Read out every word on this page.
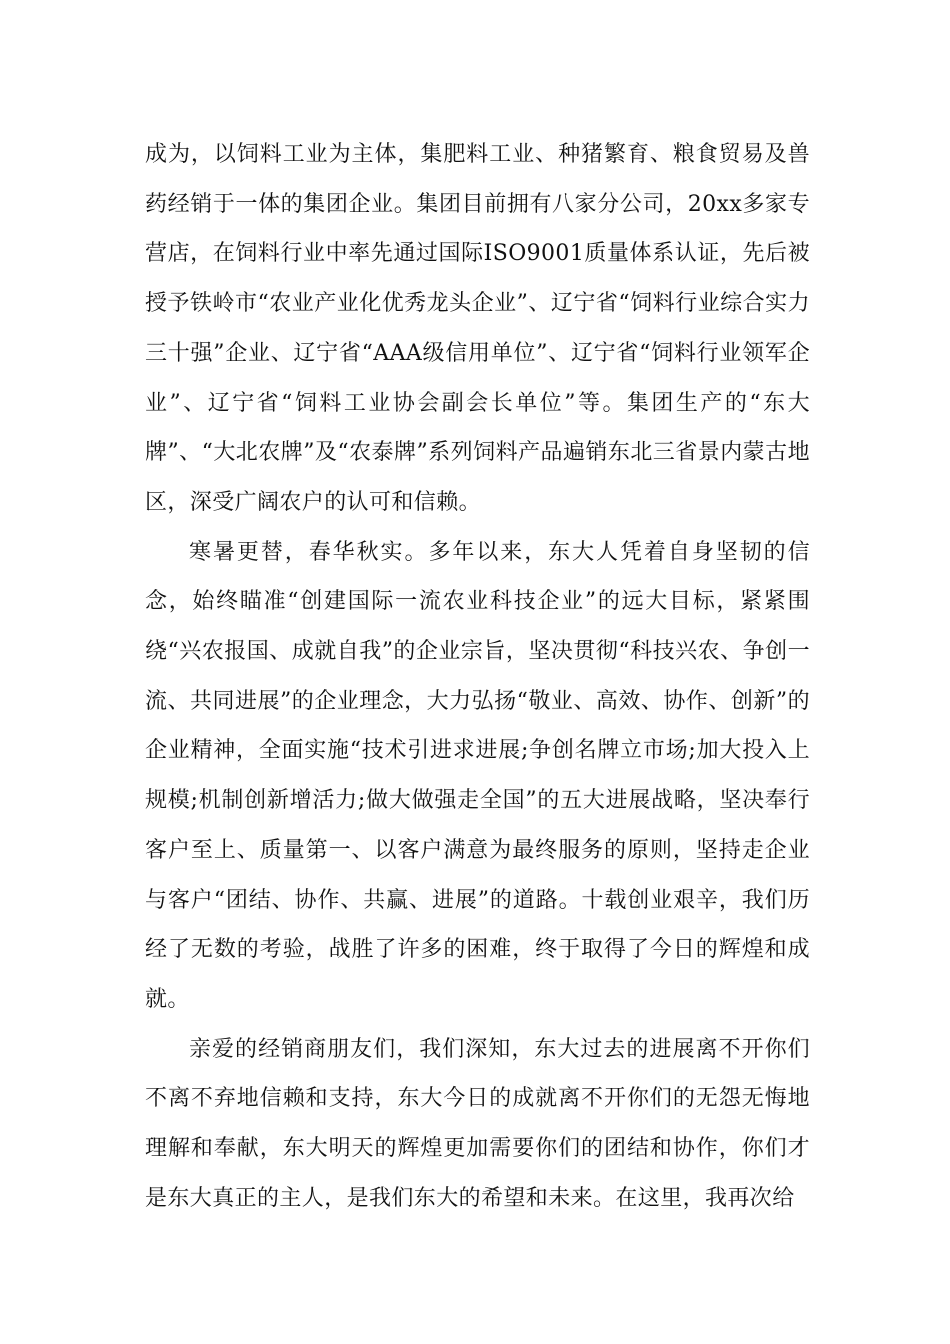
成为，以饲料工业为主体，集肥料工业、种猪繁育、粮食贸易及兽药经销于一体的集团企业。集团目前拥有八家分公司，20xx多家专营店，在饲料行业中率先通过国际ISO9001质量体系认证，先后被授予铁岭市“农业产业化优秀龙头企业”、辽宁省“饲料行业综合实力三十强”企业、辽宁省“AAA级信用单位”、辽宁省“饲料行业领军企业”、辽宁省“饲料工业协会副会长单位”等。集团生产的“东大牌”、“大北农牌”及“农泰牌”系列饲料产品遍销东北三省景内蒙古地区，深受广阔农户的认可和信赖。

寒暑更替，春华秋实。多年以来，东大人凭着自身坚韧的信念，始终瞄准“创建国际一流农业科技企业”的远大目标，紧紧围绕“兴农报国、成就自我”的企业宗旨，坚决贯彻“科技兴农、争创一流、共同进展”的企业理念，大力弘扬“敬业、高效、协作、创新”的企业精神，全面实施“技术引进求进展;争创名牌立市场;加大投入上规模;机制创新增活力;做大做强走全国”的五大进展战略，坚决奉行客户至上、质量第一、以客户满意为最终服务的原则，坚持走企业与客户“团结、协作、共赢、进展”的道路。十载创业艰辛，我们历经了无数的考验，战胜了许多的困难，终于取得了今日的辉煌和成就。

亲爱的经销商朋友们，我们深知，东大过去的进展离不开你们不离不弃地信赖和支持，东大今日的成就离不开你们的无怨无悔地理解和奉献，东大明天的辉煌更加需要你们的团结和协作，你们才是东大真正的主人，是我们东大的希望和未来。在这里，我再次给
